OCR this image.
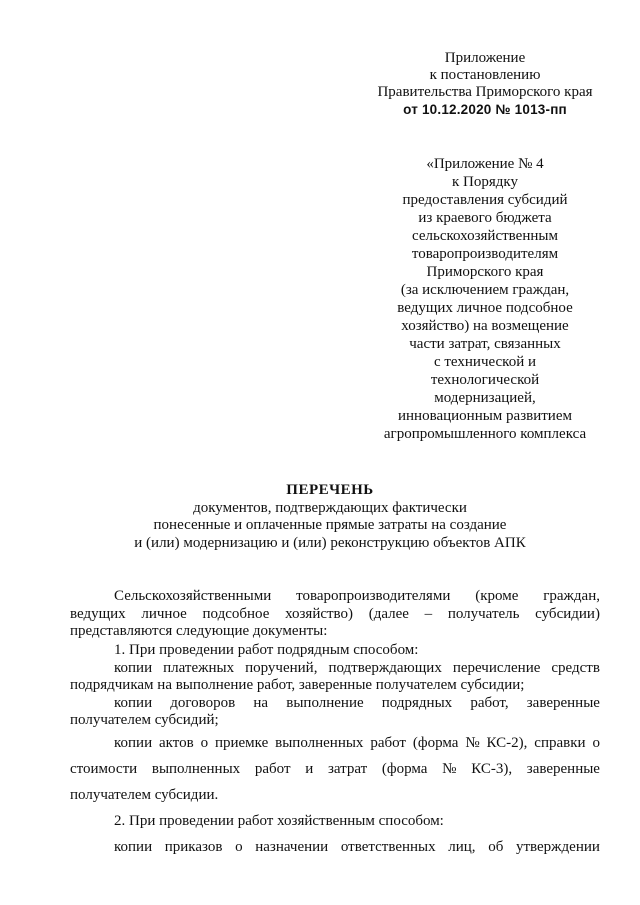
Приложение
к постановлению
Правительства Приморского края
от 10.12.2020 № 1013-пп
«Приложение № 4
к Порядку
предоставления субсидий
из краевого бюджета
сельскохозяйственным
товаропроизводителям
Приморского края
(за исключением граждан,
ведущих личное подсобное
хозяйство) на возмещение
части затрат, связанных
с технической и
технологической
модернизацией,
инновационным развитием
агропромышленного комплекса
ПЕРЕЧЕНЬ
документов, подтверждающих фактически
понесенные и оплаченные прямые затраты на создание
и (или) модернизацию и (или) реконструкцию объектов АПК
Сельскохозяйственными товаропроизводителями (кроме граждан,
ведущих личное подсобное хозяйство) (далее – получатель субсидии)
представляются следующие документы:
1. При проведении работ подрядным способом:
копии платежных поручений, подтверждающих перечисление средств
подрядчикам на выполнение работ, заверенные получателем субсидии;
копии договоров на выполнение подрядных работ, заверенные
получателем субсидий;
копии актов о приемке выполненных работ (форма № КС-2), справки о
стоимости выполненных работ и затрат (форма № КС-3), заверенные
получателем субсидии.
2. При проведении работ хозяйственным способом:
копии приказов о назначении ответственных лиц, об утверждении
